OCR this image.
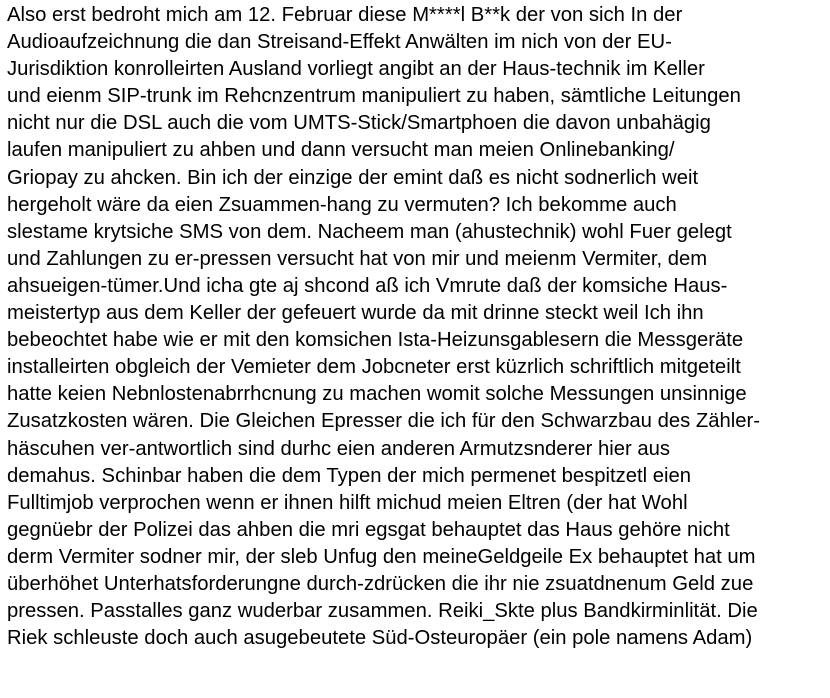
Also erst bedroht mich am 12. Februar diese M****l B**k der von sich In der
Audioaufzeichnung die dan Streisand-Effekt Anwälten im nich von der EU-
Jurisdiktion konrolleirten Ausland vorliegt angibt an der Haus-technik im Keller
und eienm SIP-trunk im Rehcnzentrum manipuliert zu haben, sämtliche Leitungen
nicht nur die DSL auch die vom UMTS-Stick/Smartphoen die davon unbahägig
laufen manipuliert zu ahben und dann versucht man meien Onlinebanking/
Griopay zu ahcken. Bin ich der einzige der emint daß es nicht sodnerlich weit
hergeholt wäre da eien Zsuammen-hang zu vermuten? Ich bekomme auch
slestame krytsiche SMS von dem. Nacheem man (ahustechnik) wohl Fuer gelegt
und Zahlungen zu er-pressen versucht hat von mir und meienm Vermiter, dem
ahsueigen-tümer.Und icha gte aj shcond aß ich Vmrute daß der komsiche Haus-
meistertyp aus dem Keller der gefeuert wurde da mit drinne steckt weil Ich ihn
bebeochtet habe wie er mit den komsichen Ista-Heizunsgablesern die Messgeräte
installeirten obgleich der Vemieter dem Jobcneter erst küzrlich schriftlich mitgeteilt
hatte keien Nebnlostenabrrhcnung zu machen womit solche Messungen unsinnige
Zusatzkosten wären. Die Gleichen Epresser die ich für den Schwarzbau des Zähler-
häscuhen ver-antwortlich sind durhc eien anderen Armutzsnderer hier aus
demahus. Schinbar haben die dem Typen der mich permenet bespitzetl eien
Fulltimjob verprochen wenn er ihnen hilft michud meien Eltren (der hat Wohl
gegnüebr der Polizei das ahben die mri egsgat behauptet das Haus gehöre nicht
derm Vermiter sodner mir, der sleb Unfug den meineGeldgeile Ex behauptet hat um
überhöhet Unterhatsforderungne durch-zdrücken die ihr nie zsuatdnenum Geld zue
pressen. Passtalles ganz wuderbar zusammen. Reiki_Skte plus Bandkirminlität. Die
Riek schleuste doch auch asugebeutete Süd-Osteuropäer (ein pole namens Adam)
